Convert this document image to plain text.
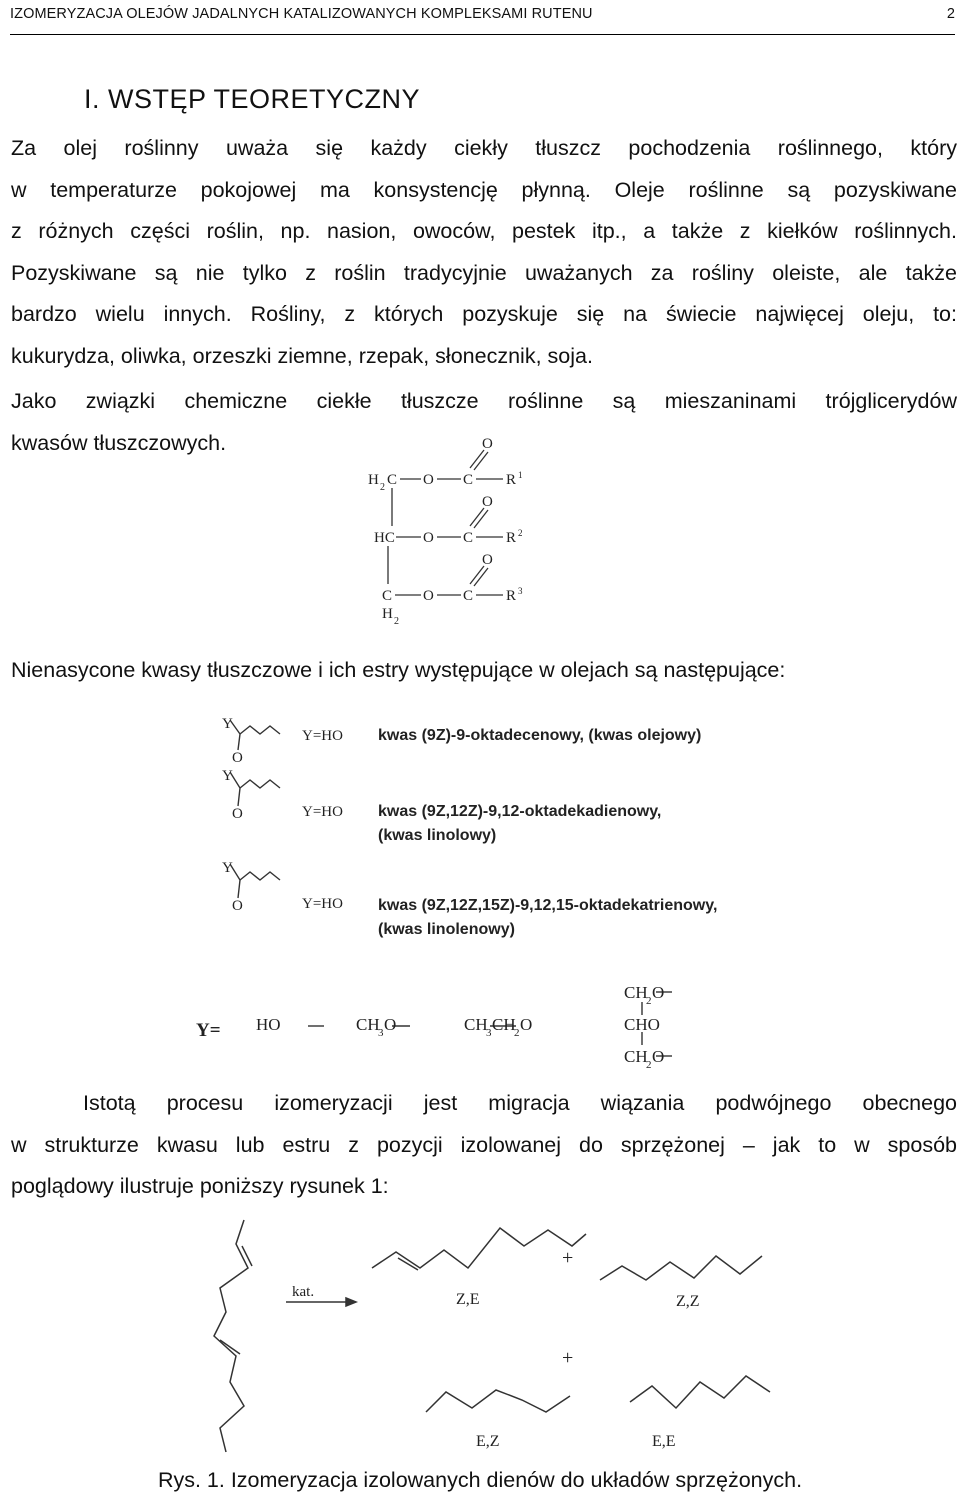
IZOMERYZACJA OLEJÓW JADALNYCH KATALIZOWANYCH KOMPLEKSAMI RUTENU	2
I. WSTĘP TEORETYCZNY

Za olej roślinny uważa się każdy ciekły tłuszcz pochodzenia roślinnego, który
w temperaturze pokojowej ma konsystencję płynną. Oleje roślinne są pozyskiwane
z różnych części roślin, np. nasion, owoców, pestek itp., a także z kiełków roślinnych.
Pozyskiwane są nie tylko z roślin tradycyjnie uważanych za rośliny oleiste, ale także
bardzo wielu innych. Rośliny, z których pozyskuje się na świecie najwięcej oleju, to:
kukurydza, oliwka, orzeszki ziemne, rzepak, słonecznik, soja.

Jako związki chemiczne ciekłe tłuszcze roślinne są mieszaninami trójglicerydów
kwasów tłuszczowych.

H 2 C O C R 1
O
HC O C R 2
O
C O C R 3
O
H 2

Nienasycone kwasy tłuszczowe i ich estry występujące w olejach są następujące:

Y
O
Y=HO kwas (9Z)-9-oktadecenowy, (kwas olejowy)
Y
O	Y=HO kwas (9Z,12Z)-9,12-oktadekadienowy,
(kwas linolowy)
Y
O	Y=HO kwas (9Z,12Z,15Z)-9,12,15-oktadekatrienowy,
(kwas linolenowy)
Y= HO	CH
3 O	CH
3 CH
2 O
CH
2 O
CHO
CH
2 O

Istotą procesu izomeryzacji jest migracja wiązania podwójnego obecnego
w strukturze kwasu lub estru z pozycji izolowanej do sprzężonej – jak to w sposób
poglądowy ilustruje poniższy rysunek 1:

kat.
+
+
Z,E	Z,Z
E,Z	E,E
Rys. 1. Izomeryzacja izolowanych dienów do układów sprzężonych.
